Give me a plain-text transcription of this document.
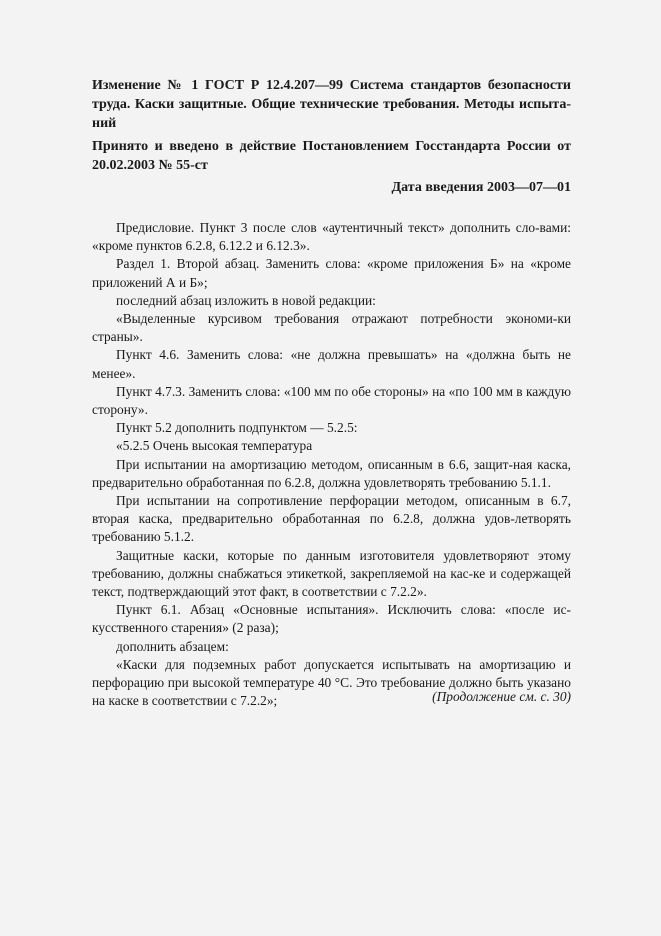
Изменение № 1 ГОСТ Р 12.4.207—99 Система стандартов безопасности труда. Каски защитные. Общие технические требования. Методы испыта-ний

Принято и введено в действие Постановлением Госстандарта России от 20.02.2003 № 55-ст

Дата введения 2003—07—01

Предисловие. Пункт 3 после слов «аутентичный текст» дополнить сло-вами: «кроме пунктов 6.2.8, 6.12.2 и 6.12.3».

Раздел 1. Второй абзац. Заменить слова: «кроме приложения Б» на «кроме приложений А и Б»;

последний абзац изложить в новой редакции:

«Выделенные курсивом требования отражают потребности экономи-ки страны».

Пункт 4.6. Заменить слова: «не должна превышать» на «должна быть не менее».

Пункт 4.7.3. Заменить слова: «100 мм по обе стороны» на «по 100 мм в каждую сторону».

Пункт 5.2 дополнить подпунктом — 5.2.5:

«5.2.5 Очень высокая температура

При испытании на амортизацию методом, описанным в 6.6, защит-ная каска, предварительно обработанная по 6.2.8, должна удовлетворять требованию 5.1.1.

При испытании на сопротивление перфорации методом, описанным в 6.7, вторая каска, предварительно обработанная по 6.2.8, должна удов-летворять требованию 5.1.2.

Защитные каски, которые по данным изготовителя удовлетворяют этому требованию, должны снабжаться этикеткой, закрепляемой на кас-ке и содержащей текст, подтверждающий этот факт, в соответствии с 7.2.2».

Пункт 6.1. Абзац «Основные испытания». Исключить слова: «после ис-кусственного старения» (2 раза);

дополнить абзацем:

«Каски для подземных работ допускается испытывать на амортизацию и перфорацию при высокой температуре 40 °С. Это требование должно быть указано на каске в соответствии с 7.2.2»;	(Продолжение см. с. 30)
